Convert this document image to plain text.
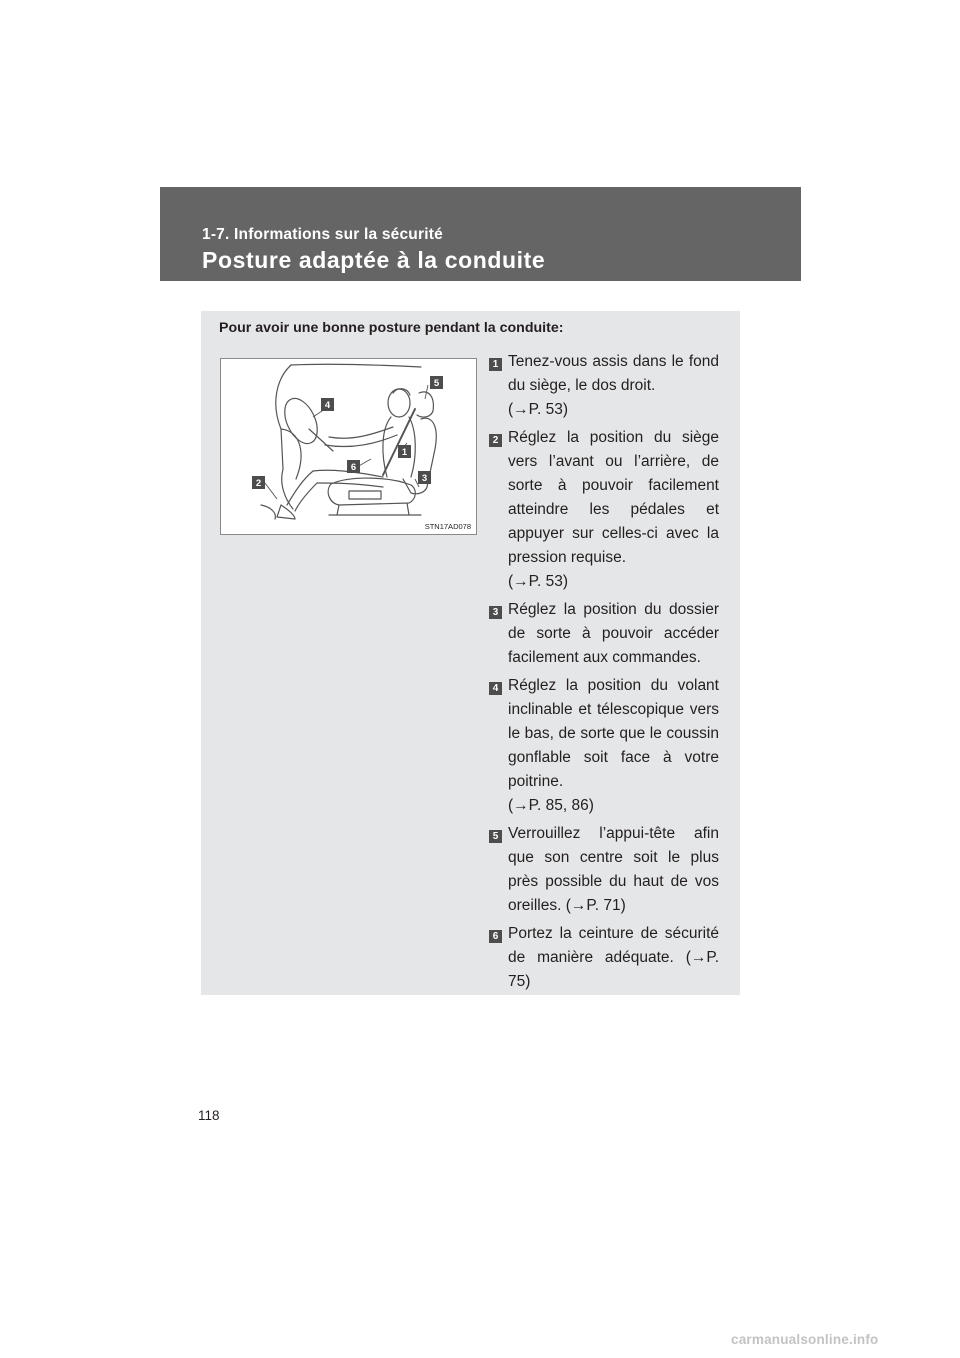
1-7. Informations sur la sécurité
Posture adaptée à la conduite
Pour avoir une bonne posture pendant la conduite:
5
4
1
6
3
2
STN17AD078
1 Tenez-vous assis dans le fond du siège, le dos droit.
(→P. 53)
2 Réglez la position du siège vers l’avant ou l’arrière, de sorte à pouvoir facilement atteindre les pédales et appuyer sur celles-ci avec la pression requise.
(→P. 53)
3 Réglez la position du dossier de sorte à pouvoir accéder facilement aux commandes.
4 Réglez la position du volant inclinable et télescopique vers le bas, de sorte que le coussin gonflable soit face à votre poitrine.
(→P. 85, 86)
5 Verrouillez l’appui-tête afin que son centre soit le plus près possible du haut de vos oreilles. (→P. 71)
6 Portez la ceinture de sécurité de manière adéquate. (→P. 75)
118
carmanualsonline.info
